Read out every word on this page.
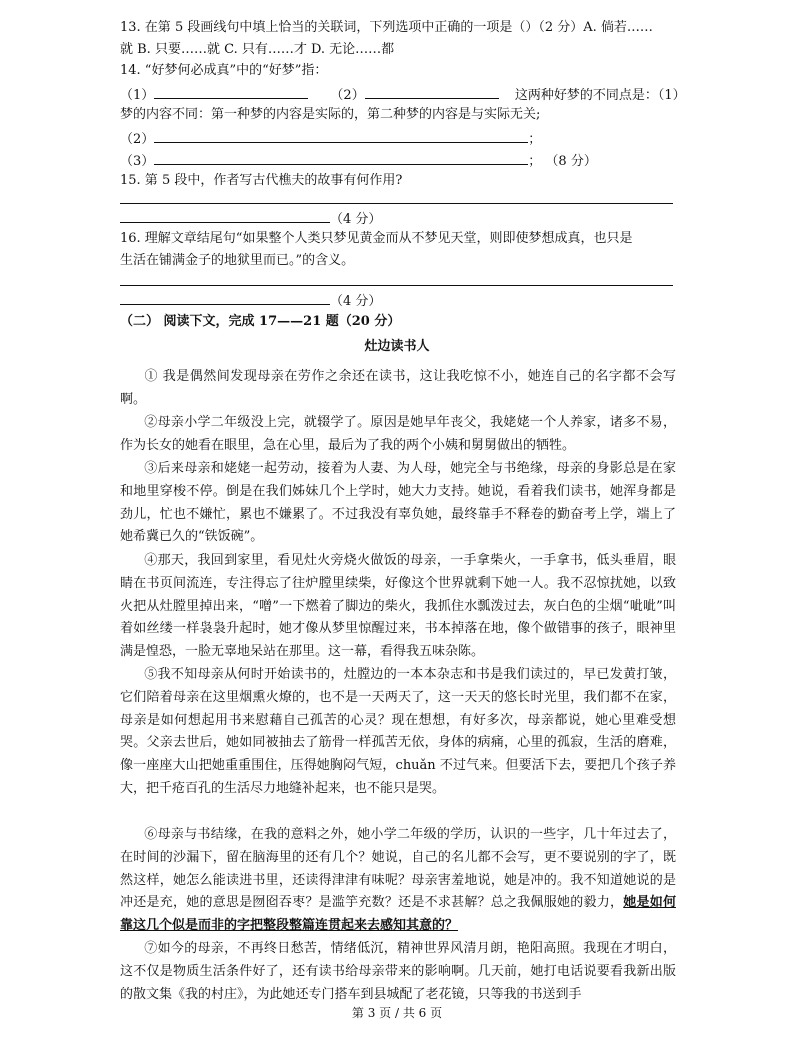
13. 在第 5 段画线句中填上恰当的关联词，下列选项中正确的一项是（）（2 分）A. 倘若……
就 B. 只要……就 C. 只有……才 D. 无论……都
14. “好梦何必成真”中的“好梦”指：
（1）	（2）	这两种好梦的不同点是：（1）
梦的内容不同：第一种梦的内容是实际的，第二种梦的内容是与实际无关;
（2）	；
（3）	； （8 分）
15. 第 5 段中，作者写古代樵夫的故事有何作用?
（4 分）
16. 理解文章结尾句“如果整个人类只梦见黄金而从不梦见天堂，则即使梦想成真，也只是
生活在铺满金子的地狱里而已。”的含义。
（4 分）
（二） 阅读下文，完成 17——21 题（20 分）
灶边读书人
① 我是偶然间发现母亲在劳作之余还在读书，这让我吃惊不小，她连自己的名字都不会写啊。
②母亲小学二年级没上完，就辍学了。原因是她早年丧父，我姥姥一个人养家，诸多不易，作为长女的她看在眼里，急在心里，最后为了我的两个小姨和舅舅做出的牺牲。
③后来母亲和姥姥一起劳动，接着为人妻、为人母，她完全与书绝缘，母亲的身影总是在家和地里穿梭不停。倒是在我们姊妹几个上学时，她大力支持。她说，看着我们读书，她浑身都是劲儿，忙也不嫌忙，累也不嫌累了。不过我没有辜负她，最终靠手不释卷的勤奋考上学，端上了她希冀已久的“铁饭碗”。
④那天，我回到家里，看见灶火旁烧火做饭的母亲，一手拿柴火，一手拿书，低头垂眉，眼睛在书页间流连，专注得忘了往炉膛里续柴，好像这个世界就剩下她一人。我不忍惊扰她，以致火把从灶膛里掉出来，“噌”一下燃着了脚边的柴火，我抓住水瓢泼过去，灰白色的尘烟“呲呲”叫着如丝缕一样袅袅升起时，她才像从梦里惊醒过来，书本掉落在地，像个做错事的孩子，眼神里满是惶恐，一脸无辜地呆站在那里。这一幕，看得我五味杂陈。
⑤我不知母亲从何时开始读书的，灶膛边的一本本杂志和书是我们读过的，早已发黄打皱，它们陪着母亲在这里烟熏火燎的，也不是一天两天了，这一天天的悠长时光里，我们都不在家，母亲是如何想起用书来慰藉自己孤苦的心灵？现在想想，有好多次，母亲都说，她心里难受想哭。父亲去世后，她如同被抽去了筋骨一样孤苦无依，身体的病痛，心里的孤寂，生活的磨难，像一座座大山把她重重围住，压得她胸闷气短，chuǎn 不过气来。但要活下去，要把几个孩子养大，把千疮百孔的生活尽力地缝补起来，也不能只是哭。
⑥母亲与书结缘，在我的意料之外，她小学二年级的学历，认识的一些字，几十年过去了，在时间的沙漏下，留在脑海里的还有几个？她说，自己的名儿都不会写，更不要说别的字了，既然这样，她怎么能读进书里，还读得津津有味呢？母亲害羞地说，她是冲的。我不知道她说的是冲还是充，她的意思是囫囵吞枣？是滥竽充数？还是不求甚解？总之我佩服她的毅力，她是如何靠这几个似是而非的字把整段整篇连贯起来去感知其意的？
⑦如今的母亲，不再终日愁苦，情绪低沉，精神世界风清月朗，艳阳高照。我现在才明白，这不仅是物质生活条件好了，还有读书给母亲带来的影响啊。几天前，她打电话说要看我新出版的散文集《我的村庄》，为此她还专门搭车到县城配了老花镜，只等我的书送到手
第 3 页 / 共 6 页
